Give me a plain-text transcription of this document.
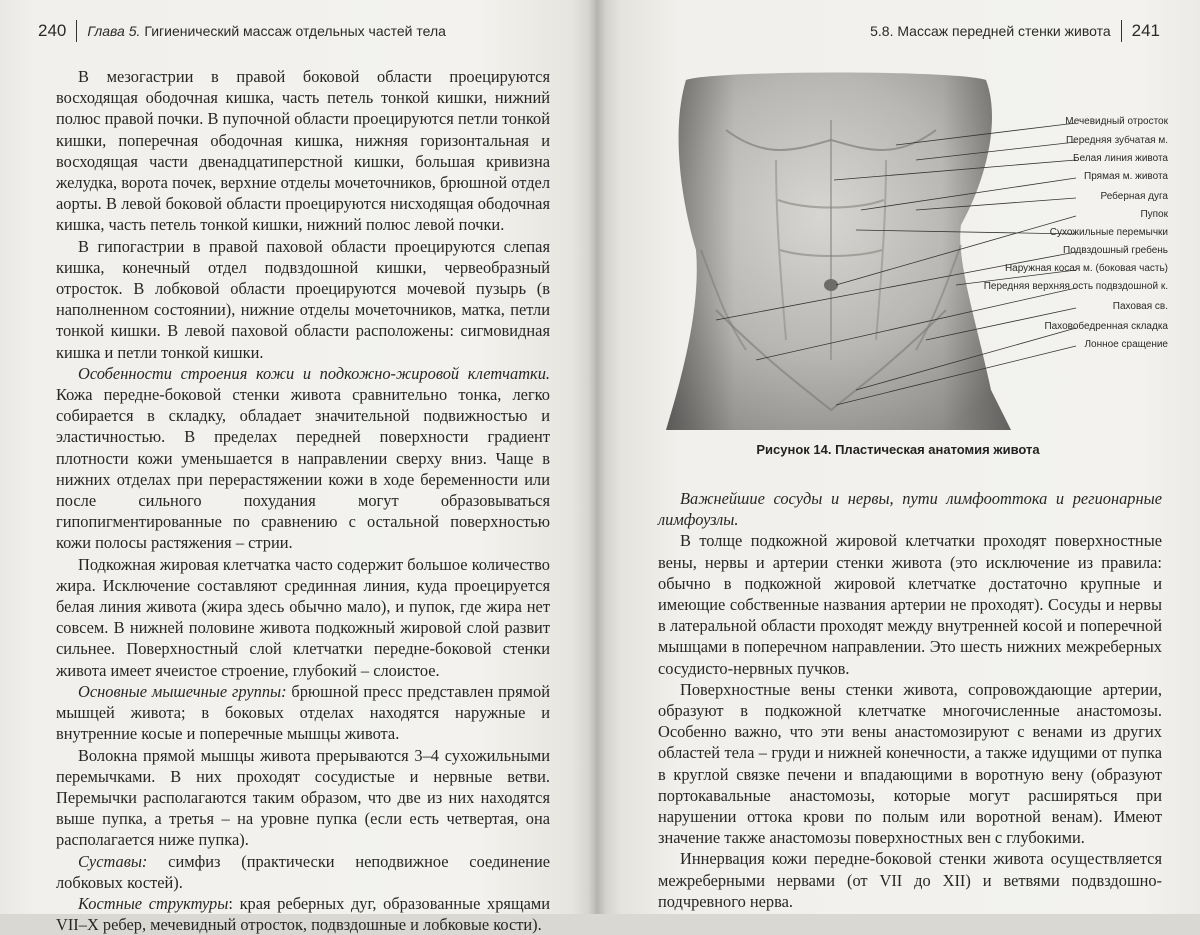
240 Глава 5. Гигиенический массаж отдельных частей тела

В мезогастрии в правой боковой области проецируются восходящая ободочная кишка, часть петель тонкой кишки, нижний полюс правой почки. В пупочной области проецируются петли тонкой кишки, поперечная ободочная кишка, нижняя горизонтальная и восходящая части двенадцатиперстной кишки, большая кривизна желудка, ворота почек, верхние отделы мочеточников, брюшной отдел аорты. В левой боковой области проецируются нисходящая ободочная кишка, часть петель тонкой кишки, нижний полюс левой почки.

В гипогастрии в правой паховой области проецируются слепая кишка, конечный отдел подвздошной кишки, червеобразный отросток. В лобковой области проецируются мочевой пузырь (в наполненном состоянии), нижние отделы мочеточников, матка, петли тонкой кишки. В левой паховой области расположены: сигмовидная кишка и петли тонкой кишки.

Особенности строения кожи и подкожно-жировой клетчатки. Кожа передне-боковой стенки живота сравнительно тонка, легко собирается в складку, обладает значительной подвижностью и эластичностью. В пределах передней поверхности градиент плотности кожи уменьшается в направлении сверху вниз. Чаще в нижних отделах при перерастяжении кожи в ходе беременности или после сильного похудания могут образовываться гипопигментированные по сравнению с остальной поверхностью кожи полосы растяжения – стрии.

Подкожная жировая клетчатка часто содержит большое количество жира. Исключение составляют срединная линия, куда проецируется белая линия живота (жира здесь обычно мало), и пупок, где жира нет совсем. В нижней половине живота подкожный жировой слой развит сильнее. Поверхностный слой клетчатки передне-боковой стенки живота имеет ячеистое строение, глубокий – слоистое.

Основные мышечные группы: брюшной пресс представлен прямой мышцей живота; в боковых отделах находятся наружные и внутренние косые и поперечные мышцы живота.

Волокна прямой мышцы живота прерываются 3–4 сухожильными перемычками. В них проходят сосудистые и нервные ветви. Перемычки располагаются таким образом, что две из них находятся выше пупка, а третья – на уровне пупка (если есть четвертая, она располагается ниже пупка).

Суставы: симфиз (практически неподвижное соединение лобковых костей).

Костные структуры: края реберных дуг, образованные хрящами VII–X ребер, мечевидный отросток, подвздошные и лобковые кости).

5.8. Массаж передней стенки живота 241
Мечевидный отросток
Передняя зубчатая м.
Белая линия живота
Прямая м. живота
Реберная дуга
Пупок
Сухожильные перемычки
Подвздошный гребень
Наружная косая м. (боковая часть)
Передняя верхняя ость подвздошной к.
Паховая св.
Паховобедренная складка
Лонное сращение
Рисунок 14. Пластическая анатомия живота

Важнейшие сосуды и нервы, пути лимфооттока и регионарные лимфоузлы.

В толще подкожной жировой клетчатки проходят поверхностные вены, нервы и артерии стенки живота (это исключение из правила: обычно в подкожной жировой клетчатке достаточно крупные и имеющие собственные названия артерии не проходят). Сосуды и нервы в латеральной области проходят между внутренней косой и поперечной мышцами в поперечном направлении. Это шесть нижних межреберных сосудисто-нервных пучков.

Поверхностные вены стенки живота, сопровождающие артерии, образуют в подкожной клетчатке многочисленные анастомозы. Особенно важно, что эти вены анастомозируют с венами из других областей тела – груди и нижней конечности, а также идущими от пупка в круглой связке печени и впадающими в воротную вену (образуют портокавальные анастомозы, которые могут расширяться при нарушении оттока крови по полым или воротной венам). Имеют значение также анастомозы поверхностных вен с глубокими.

Иннервация кожи передне-боковой стенки живота осуществляется межреберными нервами (от VII до XII) и ветвями подвздошно-подчревного нерва.
